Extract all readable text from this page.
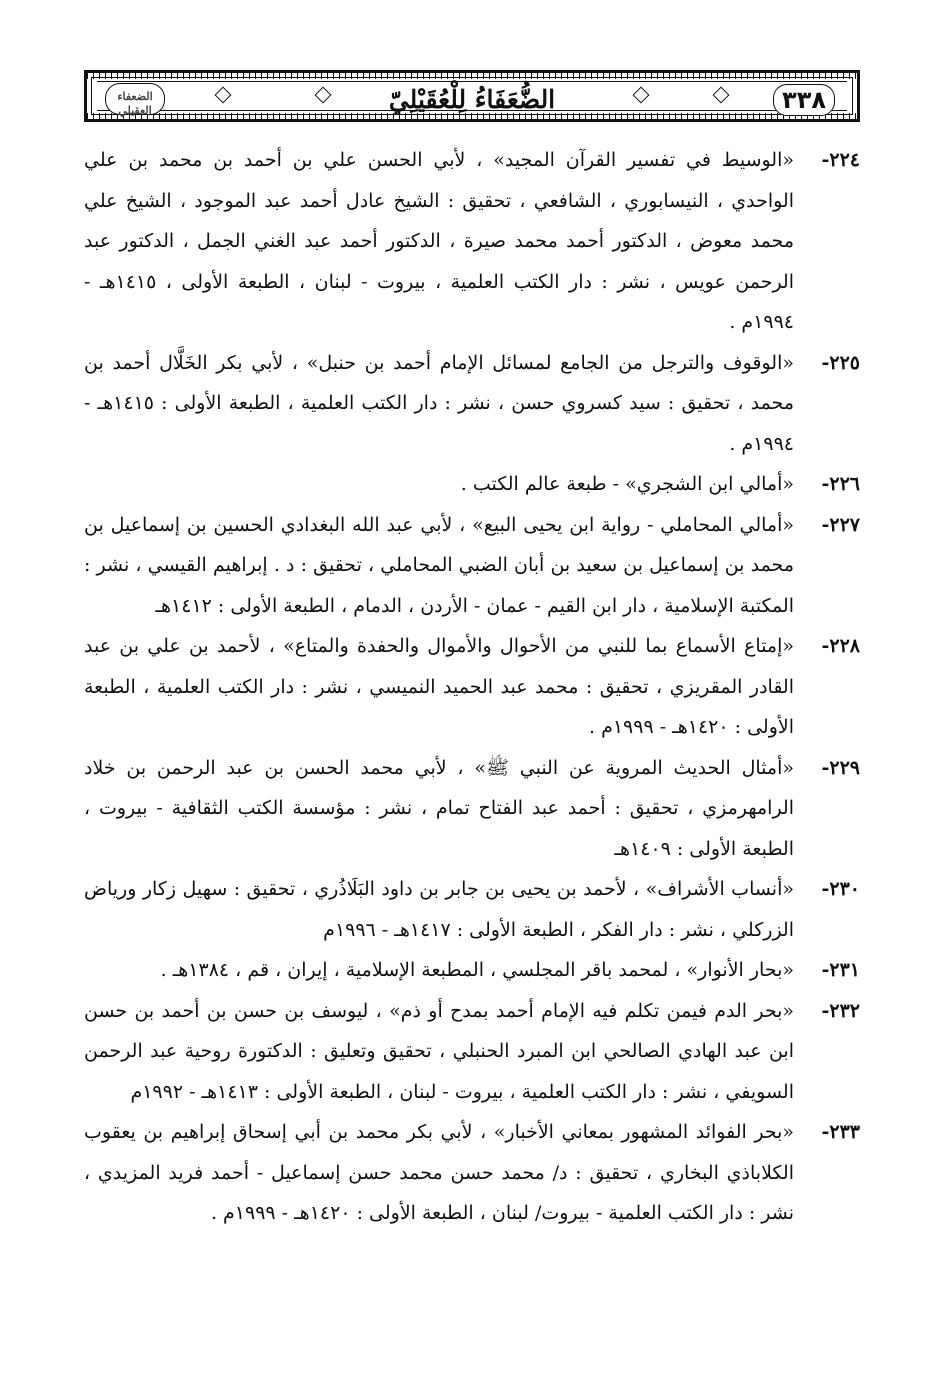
الضعفاء العقيلي	الضُّعَفَاءُ لِلْعُقَيْلِيّ	٣٣٨
٢٢٤-
«الوسيط في تفسير القرآن المجيد» ، لأبي الحسن علي بن أحمد بن محمد بن علي الواحدي ، النيسابوري ، الشافعي ، تحقيق : الشيخ عادل أحمد عبد الموجود ، الشيخ علي محمد معوض ، الدكتور أحمد محمد صيرة ، الدكتور أحمد عبد الغني الجمل ، الدكتور عبد الرحمن عويس ، نشر : دار الكتب العلمية ، بيروت - لبنان ، الطبعة الأولى ، ١٤١٥هـ - ١٩٩٤م .
٢٢٥-
«الوقوف والترجل من الجامع لمسائل الإمام أحمد بن حنبل» ، لأبي بكر الخَلَّال أحمد بن محمد ، تحقيق : سيد كسروي حسن ، نشر : دار الكتب العلمية ، الطبعة الأولى : ١٤١٥هـ - ١٩٩٤م .
٢٢٦-
«أمالي ابن الشجري» - طبعة عالم الكتب .
٢٢٧-
«أمالي المحاملي - رواية ابن يحيى البيع» ، لأبي عبد الله البغدادي الحسين بن إسماعيل بن محمد بن إسماعيل بن سعيد بن أبان الضبي المحاملي ، تحقيق : د . إبراهيم القيسي ، نشر : المكتبة الإسلامية ، دار ابن القيم - عمان - الأردن ، الدمام ، الطبعة الأولى : ١٤١٢هـ
٢٢٨-
«إمتاع الأسماع بما للنبي من الأحوال والأموال والحفدة والمتاع» ، لأحمد بن علي بن عبد القادر المقريزي ، تحقيق : محمد عبد الحميد النميسي ، نشر : دار الكتب العلمية ، الطبعة الأولى : ١٤٢٠هـ - ١٩٩٩م .
٢٢٩-
«أمثال الحديث المروية عن النبي ﷺ» ، لأبي محمد الحسن بن عبد الرحمن بن خلاد الرامهرمزي ، تحقيق : أحمد عبد الفتاح تمام ، نشر : مؤسسة الكتب الثقافية - بيروت ، الطبعة الأولى : ١٤٠٩هـ
٢٣٠-
«أنساب الأشراف» ، لأحمد بن يحيى بن جابر بن داود البَلَاذُري ، تحقيق : سهيل زكار ورياض الزركلي ، نشر : دار الفكر ، الطبعة الأولى : ١٤١٧هـ - ١٩٩٦م
٢٣١-
«بحار الأنوار» ، لمحمد باقر المجلسي ، المطبعة الإسلامية ، إيران ، قم ، ١٣٨٤هـ .
٢٣٢-
«بحر الدم فيمن تكلم فيه الإمام أحمد بمدح أو ذم» ، ليوسف بن حسن بن أحمد بن حسن ابن عبد الهادي الصالحي ابن المبرد الحنبلي ، تحقيق وتعليق : الدكتورة روحية عبد الرحمن السويفي ، نشر : دار الكتب العلمية ، بيروت - لبنان ، الطبعة الأولى : ١٤١٣هـ - ١٩٩٢م
٢٣٣-
«بحر الفوائد المشهور بمعاني الأخبار» ، لأبي بكر محمد بن أبي إسحاق إبراهيم بن يعقوب الكلاباذي البخاري ، تحقيق : د/ محمد حسن محمد حسن إسماعيل - أحمد فريد المزيدي ، نشر : دار الكتب العلمية - بيروت/ لبنان ، الطبعة الأولى : ١٤٢٠هـ - ١٩٩٩م .
